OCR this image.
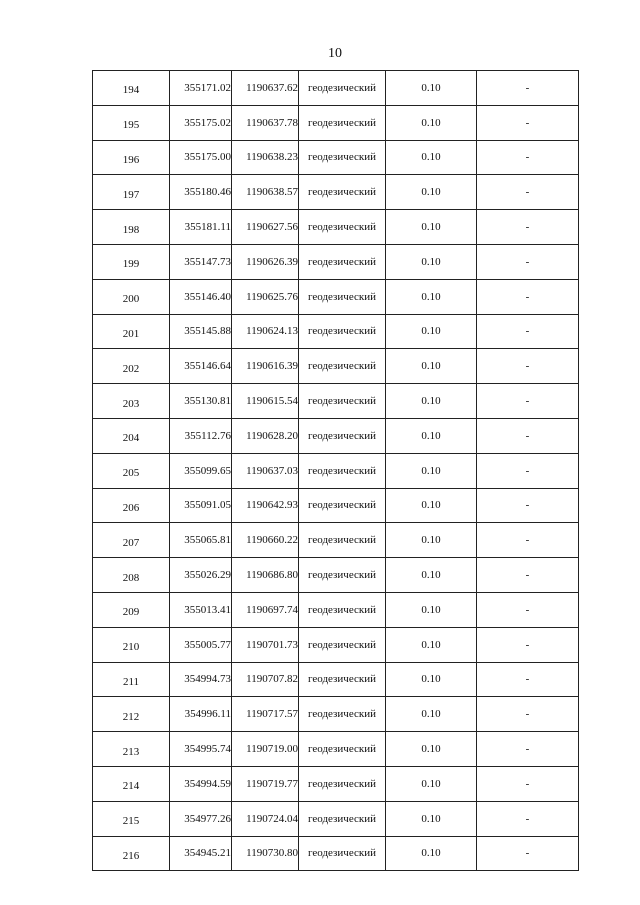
10
194	355171.02	1190637.62	геодезический	0.10	-
195	355175.02	1190637.78	геодезический	0.10	-
196	355175.00	1190638.23	геодезический	0.10	-
197	355180.46	1190638.57	геодезический	0.10	-
198	355181.11	1190627.56	геодезический	0.10	-
199	355147.73	1190626.39	геодезический	0.10	-
200	355146.40	1190625.76	геодезический	0.10	-
201	355145.88	1190624.13	геодезический	0.10	-
202	355146.64	1190616.39	геодезический	0.10	-
203	355130.81	1190615.54	геодезический	0.10	-
204	355112.76	1190628.20	геодезический	0.10	-
205	355099.65	1190637.03	геодезический	0.10	-
206	355091.05	1190642.93	геодезический	0.10	-
207	355065.81	1190660.22	геодезический	0.10	-
208	355026.29	1190686.80	геодезический	0.10	-
209	355013.41	1190697.74	геодезический	0.10	-
210	355005.77	1190701.73	геодезический	0.10	-
211	354994.73	1190707.82	геодезический	0.10	-
212	354996.11	1190717.57	геодезический	0.10	-
213	354995.74	1190719.00	геодезический	0.10	-
214	354994.59	1190719.77	геодезический	0.10	-
215	354977.26	1190724.04	геодезический	0.10	-
216	354945.21	1190730.80	геодезический	0.10	-
